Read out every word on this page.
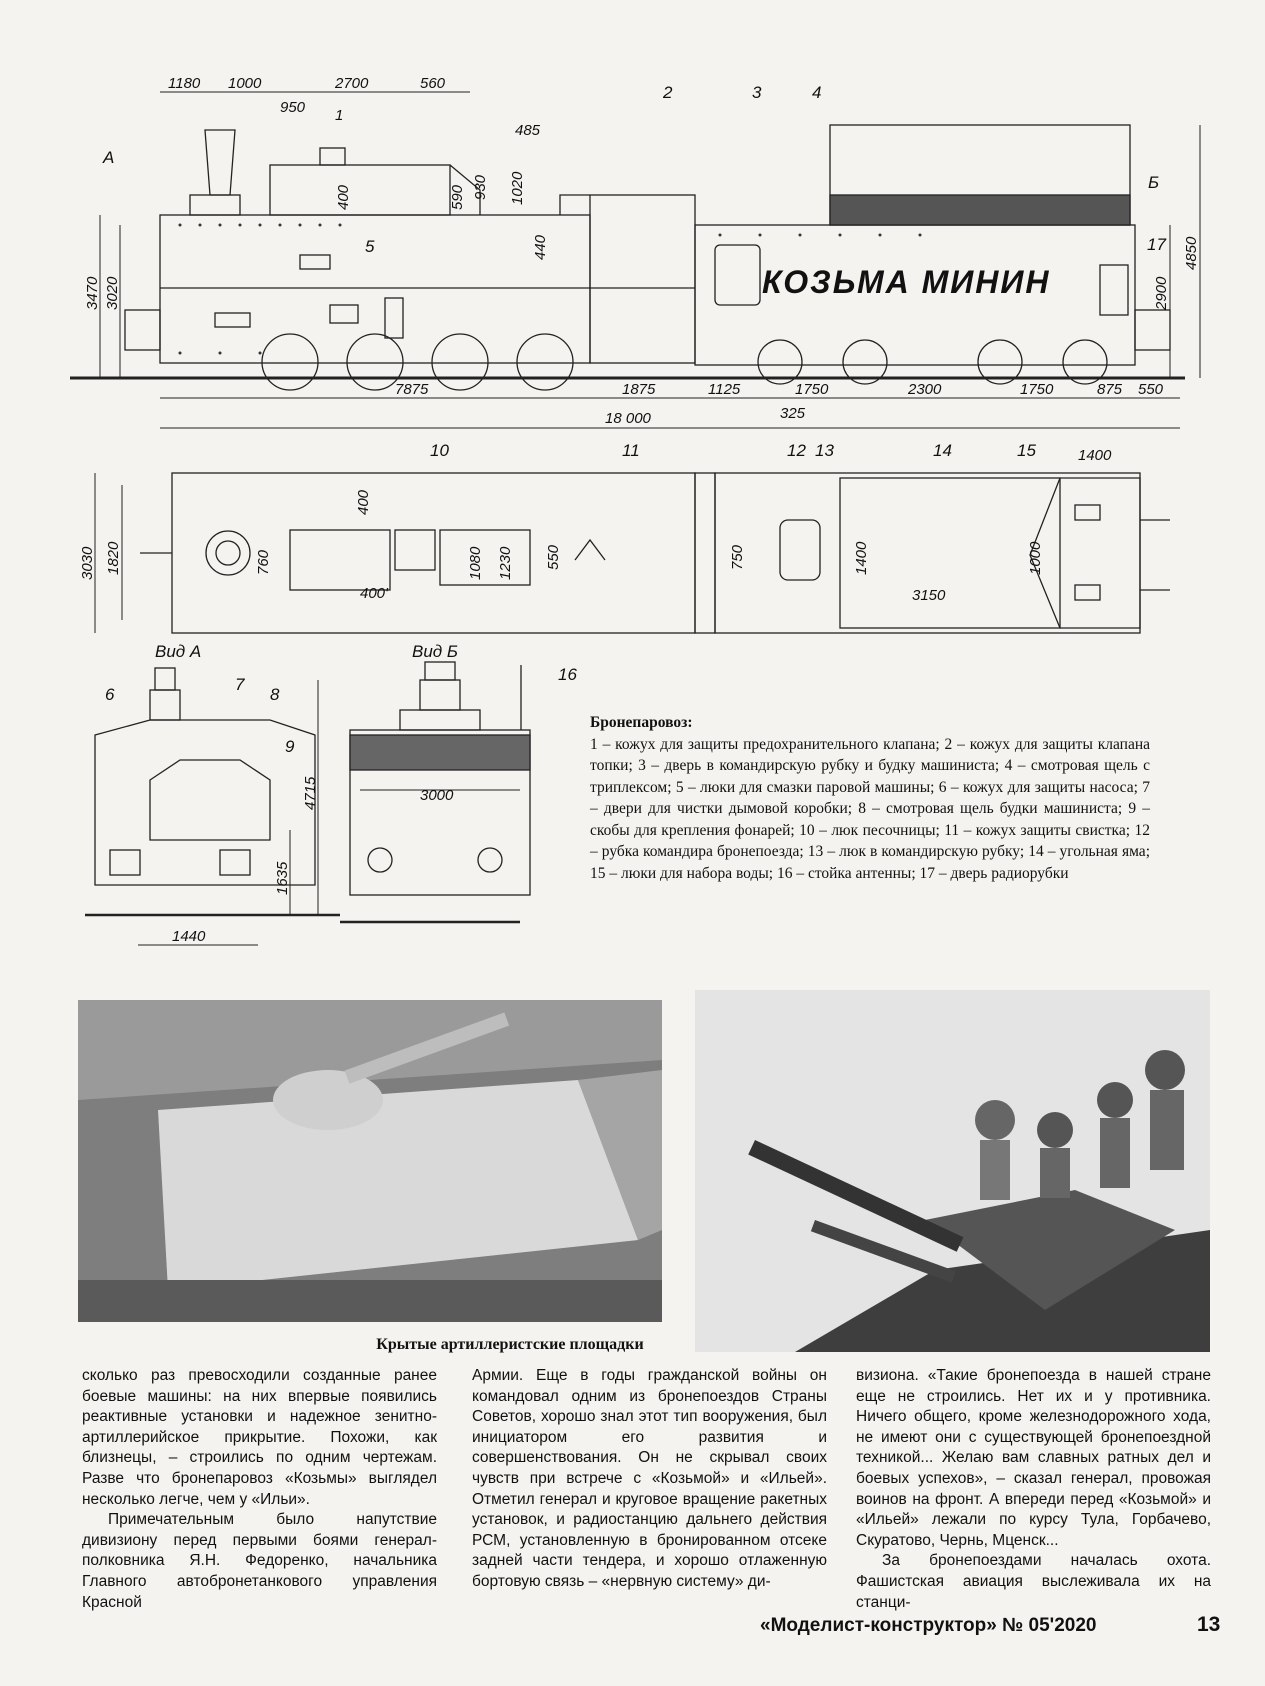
1180 1000	2700	560
950
485
А
Б
3470 3020
400	590 930 1020
440
2900
4850
1
2	3	4
5	17
КОЗЬМА МИНИН
7875	1875	1125	1750	2300	1750	875 550
325
18 000
10	11	12 13	14	15
3030 1820
400
760
400'
1080 1230 550	750	1400	1000
3150
1400
Вид А
6
7
8
9
4715
1635
1440
Вид Б
16
3000
Бронепаровоз:
1 – кожух для защиты предохранительного клапана; 2 – кожух для защиты клапана топки; 3 – дверь в командирскую рубку и будку машиниста; 4 – смотровая щель с триплексом; 5 – люки для смазки паровой машины; 6 – кожух для защиты насоса; 7 – двери для чистки дымовой коробки; 8 – смотровая щель будки машиниста; 9 – скобы для крепления фонарей; 10 – люк песочницы; 11 – кожух защиты свистка; 12 – рубка командира бронепоезда; 13 – люк в командирскую рубку; 14 – угольная яма; 15 – люки для набора воды; 16 – стойка антенны; 17 – дверь радиорубки
Крытые артиллеристские площадки

сколько раз превосходили созданные ранее боевые машины: на них впервые появились реактивные установки и надежное зенитно-артиллерийское прикрытие. Похожи, как близнецы, – строились по одним чертежам. Разве что бронепаровоз «Козьмы» выглядел несколько легче, чем у «Ильи».

Примечательным было напутствие дивизиону перед первыми боями генерал-полковника Я.Н. Федоренко, начальника Главного автобронетанкового управления Красной

Армии. Еще в годы гражданской войны он командовал одним из бронепоездов Страны Советов, хорошо знал этот тип вооружения, был инициатором его развития и совершенствования. Он не скрывал своих чувств при встрече с «Козьмой» и «Ильей». Отметил генерал и круговое вращение ракетных установок, и радиостанцию дальнего действия РСМ, установленную в бронированном отсеке задней части тендера, и хорошо отлаженную бортовую связь – «нервную систему» ди-

визиона. «Такие бронепоезда в нашей стране еще не строились. Нет их и у противника. Ничего общего, кроме железнодорожного хода, не имеют они с существующей бронепоездной техникой... Желаю вам славных ратных дел и боевых успехов», – сказал генерал, провожая воинов на фронт. А впереди перед «Козьмой» и «Ильей» лежали по курсу Тула, Горбачево, Скуратово, Чернь, Мценск...

За бронепоездами началась охота. Фашистская авиация выслеживала их на станци-

«Моделист-конструктор» № 05'2020	13
